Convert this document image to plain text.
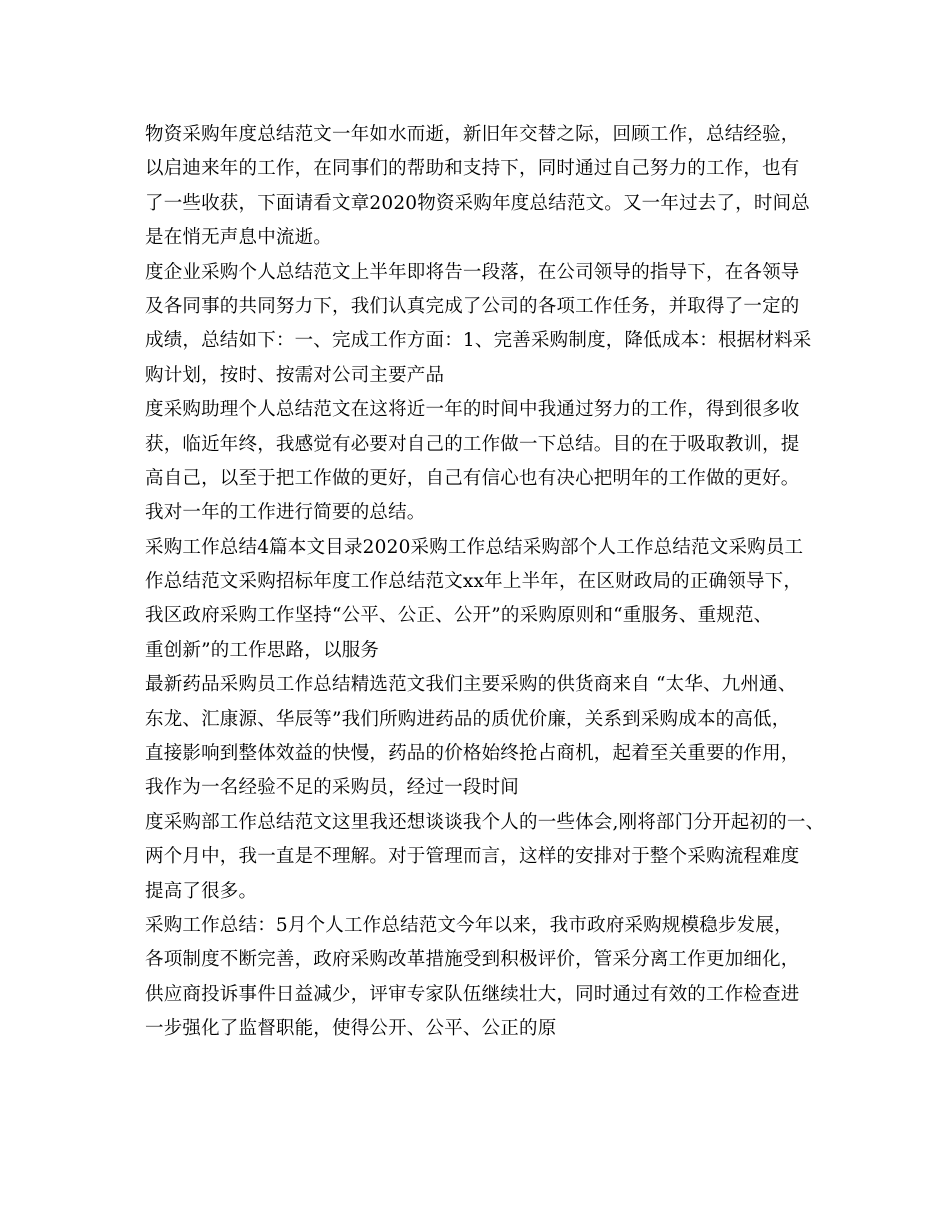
物资采购年度总结范文一年如水而逝，新旧年交替之际，回顾工作，总结经验，
以启迪来年的工作，在同事们的帮助和支持下，同时通过自己努力的工作，也有
了一些收获，下面请看文章2020物资采购年度总结范文。又一年过去了，时间总
是在悄无声息中流逝。
度企业采购个人总结范文上半年即将告一段落，在公司领导的指导下，在各领导
及各同事的共同努力下，我们认真完成了公司的各项工作任务，并取得了一定的
成绩，总结如下：一、完成工作方面：1、完善采购制度，降低成本：根据材料采
购计划，按时、按需对公司主要产品
度采购助理个人总结范文在这将近一年的时间中我通过努力的工作，得到很多收
获，临近年终，我感觉有必要对自己的工作做一下总结。目的在于吸取教训，提
高自己，以至于把工作做的更好，自己有信心也有决心把明年的工作做的更好。
我对一年的工作进行简要的总结。
采购工作总结4篇本文目录2020采购工作总结采购部个人工作总结范文采购员工
作总结范文采购招标年度工作总结范文xx年上半年，在区财政局的正确领导下，
我区政府采购工作坚持“公平、公正、公开”的采购原则和“重服务、重规范、
重创新”的工作思路，以服务
最新药品采购员工作总结精选范文我们主要采购的供货商来自 “太华、九州通、
东龙、汇康源、华辰等”我们所购进药品的质优价廉，关系到采购成本的高低，
直接影响到整体效益的快慢，药品的价格始终抢占商机，起着至关重要的作用，
我作为一名经验不足的采购员，经过一段时间
度采购部工作总结范文这里我还想谈谈我个人的一些体会,刚将部门分开起初的一、
两个月中，我一直是不理解。对于管理而言，这样的安排对于整个采购流程难度
提高了很多。
采购工作总结：5月个人工作总结范文今年以来，我市政府采购规模稳步发展，
各项制度不断完善，政府采购改革措施受到积极评价，管采分离工作更加细化，
供应商投诉事件日益减少，评审专家队伍继续壮大，同时通过有效的工作检查进
一步强化了监督职能，使得公开、公平、公正的原
